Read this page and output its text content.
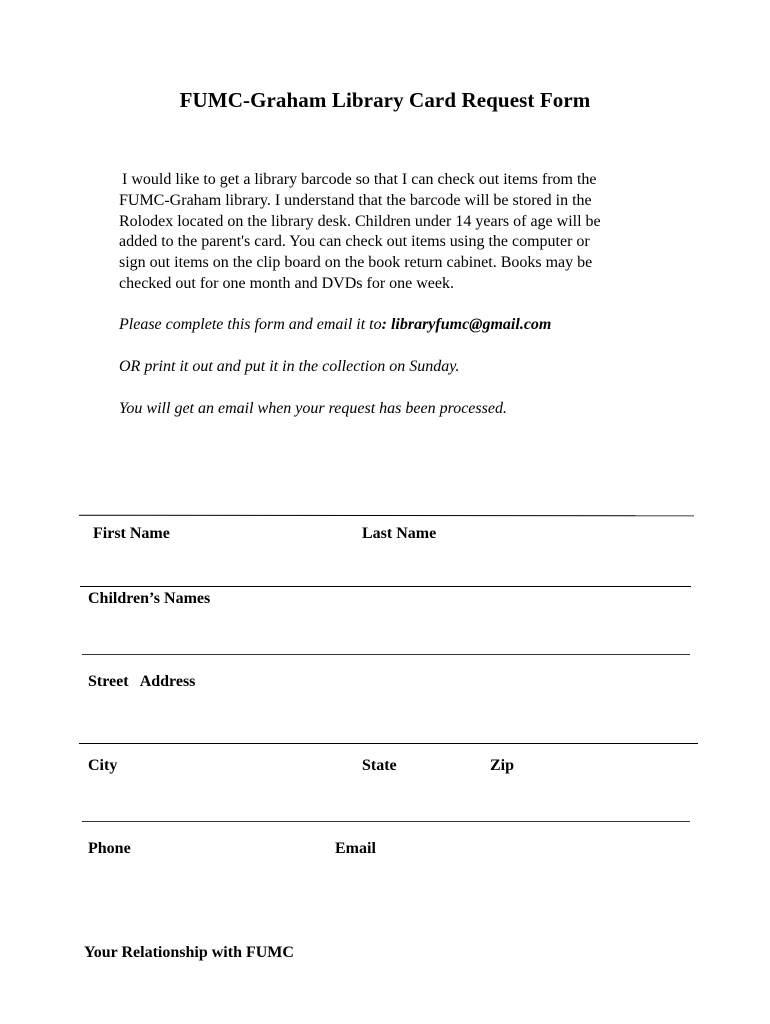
FUMC-Graham Library Card Request Form
I would like to get a library barcode so that I can check out items from the
FUMC-Graham library. I understand that the barcode will be stored in the
Rolodex located on the library desk. Children under 14 years of age will be
added to the parent's card. You can check out items using the computer or
sign out items on the clip board on the book return cabinet. Books may be
checked out for one month and DVDs for one week.

Please complete this form and email it to: libraryfumc@gmail.com

OR print it out and put it in the collection on Sunday.

You will get an email when your request has been processed.

First Name	Last Name

Children’s Names

Street   Address

City	State	Zip

Phone	Email

Your Relationship with FUMC
